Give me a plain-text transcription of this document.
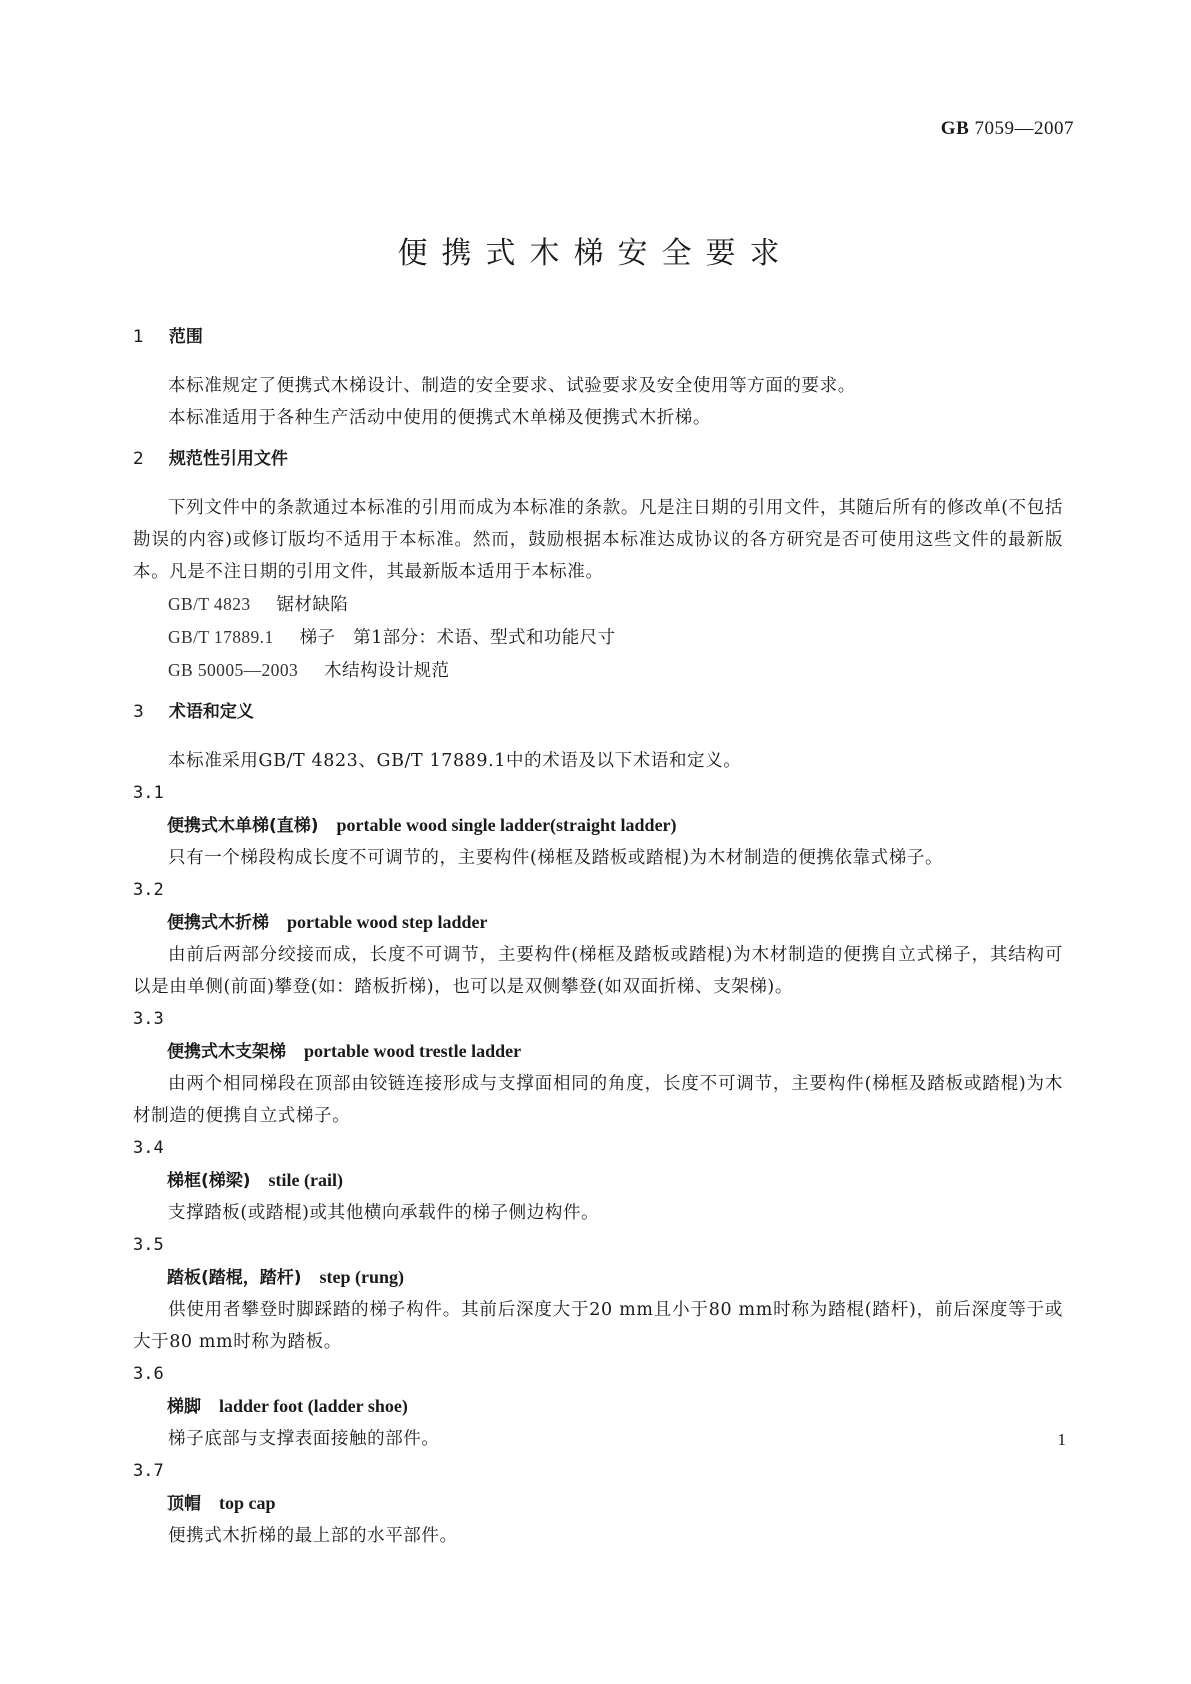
GB 7059—2007
便携式木梯安全要求
1 范围

本标准规定了便携式木梯设计、制造的安全要求、试验要求及安全使用等方面的要求。

本标准适用于各种生产活动中使用的便携式木单梯及便携式木折梯。

2 规范性引用文件

下列文件中的条款通过本标准的引用而成为本标准的条款。凡是注日期的引用文件，其随后所有的修改单(不包括勘误的内容)或修订版均不适用于本标准。然而，鼓励根据本标准达成协议的各方研究是否可使用这些文件的最新版本。凡是不注日期的引用文件，其最新版本适用于本标准。

GB/T 4823 锯材缺陷

GB/T 17889.1 梯子　第1部分：术语、型式和功能尺寸

GB 50005—2003 木结构设计规范

3 术语和定义

本标准采用GB/T 4823、GB/T 17889.1中的术语及以下术语和定义。

3.1
便携式木单梯(直梯) portable wood single ladder(straight ladder)

只有一个梯段构成长度不可调节的，主要构件(梯框及踏板或踏棍)为木材制造的便携依靠式梯子。

3.2
便携式木折梯 portable wood step ladder

由前后两部分绞接而成，长度不可调节，主要构件(梯框及踏板或踏棍)为木材制造的便携自立式梯子，其结构可以是由单侧(前面)攀登(如：踏板折梯)，也可以是双侧攀登(如双面折梯、支架梯)。

3.3
便携式木支架梯 portable wood trestle ladder

由两个相同梯段在顶部由铰链连接形成与支撑面相同的角度，长度不可调节，主要构件(梯框及踏板或踏棍)为木材制造的便携自立式梯子。

3.4
梯框(梯梁) stile (rail)

支撑踏板(或踏棍)或其他横向承载件的梯子侧边构件。

3.5
踏板(踏棍，踏杆) step (rung)

供使用者攀登时脚踩踏的梯子构件。其前后深度大于20 mm且小于80 mm时称为踏棍(踏杆)，前后深度等于或大于80 mm时称为踏板。

3.6
梯脚 ladder foot (ladder shoe)

梯子底部与支撑表面接触的部件。

3.7
顶帽 top cap

便携式木折梯的最上部的水平部件。

1
